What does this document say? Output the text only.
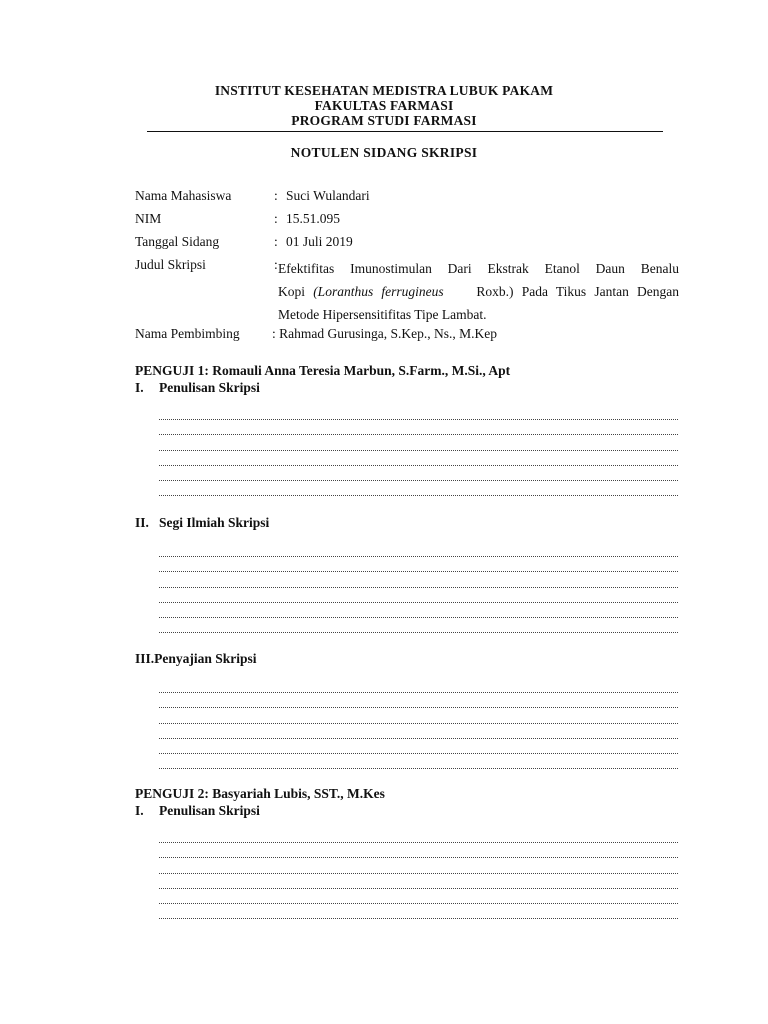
INSTITUT KESEHATAN MEDISTRA LUBUK PAKAM
FAKULTAS FARMASI
PROGRAM STUDI FARMASI
NOTULEN SIDANG SKRIPSI
Nama Mahasiswa	: Suci Wulandari
NIM	: 15.51.095
Tanggal Sidang	: 01 Juli 2019
Judul Skripsi	: Efektifitas Imunostimulan Dari Ekstrak Etanol Daun Benalu
Kopi (Loranthus ferrugineus Roxb.) Pada Tikus Jantan Dengan
Metode Hipersensitifitas Tipe Lambat.
Nama Pembimbing : Rahmad Gurusinga, S.Kep., Ns., M.Kep
PENGUJI 1: Romauli Anna Teresia Marbun, S.Farm., M.Si., Apt
I. Penulisan Skripsi
II. Segi Ilmiah Skripsi
III.Penyajian Skripsi
PENGUJI 2: Basyariah Lubis, SST., M.Kes
I. Penulisan Skripsi
